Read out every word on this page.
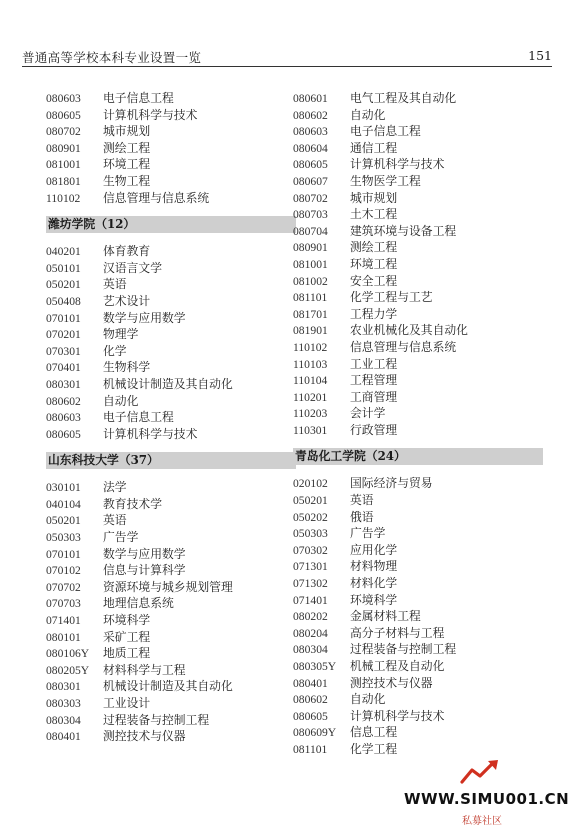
普通高等学校本科专业设置一览	151
080603 电子信息工程
080605 计算机科学与技术
080702 城市规划
080901 测绘工程
081001 环境工程
081801 生物工程
110102 信息管理与信息系统
潍坊学院（12）
040201 体育教育
050101 汉语言文学
050201 英语
050408 艺术设计
070101 数学与应用数学
070201 物理学
070301 化学
070401 生物科学
080301 机械设计制造及其自动化
080602 自动化
080603 电子信息工程
080605 计算机科学与技术
山东科技大学（37）
030101 法学
040104 教育技术学
050201 英语
050303 广告学
070101 数学与应用数学
070102 信息与计算科学
070702 资源环境与城乡规划管理
070703 地理信息系统
071401 环境科学
080101 采矿工程
080106Y 地质工程
080205Y 材料科学与工程
080301 机械设计制造及其自动化
080303 工业设计
080304 过程装备与控制工程
080401 测控技术与仪器
080601 电气工程及其自动化
080602 自动化
080603 电子信息工程
080604 通信工程
080605 计算机科学与技术
080607 生物医学工程
080702 城市规划
080703 土木工程
080704 建筑环境与设备工程
080901 测绘工程
081001 环境工程
081002 安全工程
081101 化学工程与工艺
081701 工程力学
081901 农业机械化及其自动化
110102 信息管理与信息系统
110103 工业工程
110104 工程管理
110201 工商管理
110203 会计学
110301 行政管理
青岛化工学院（24）
020102 国际经济与贸易
050201 英语
050202 俄语
050303 广告学
070302 应用化学
071301 材料物理
071302 材料化学
071401 环境科学
080202 金属材料工程
080204 高分子材料与工程
080304 过程装备与控制工程
080305Y 机械工程及自动化
080401 测控技术与仪器
080602 自动化
080605 计算机科学与技术
080609Y 信息工程
081101 化学工程
WWW.SIMU001.CN
私募社区
